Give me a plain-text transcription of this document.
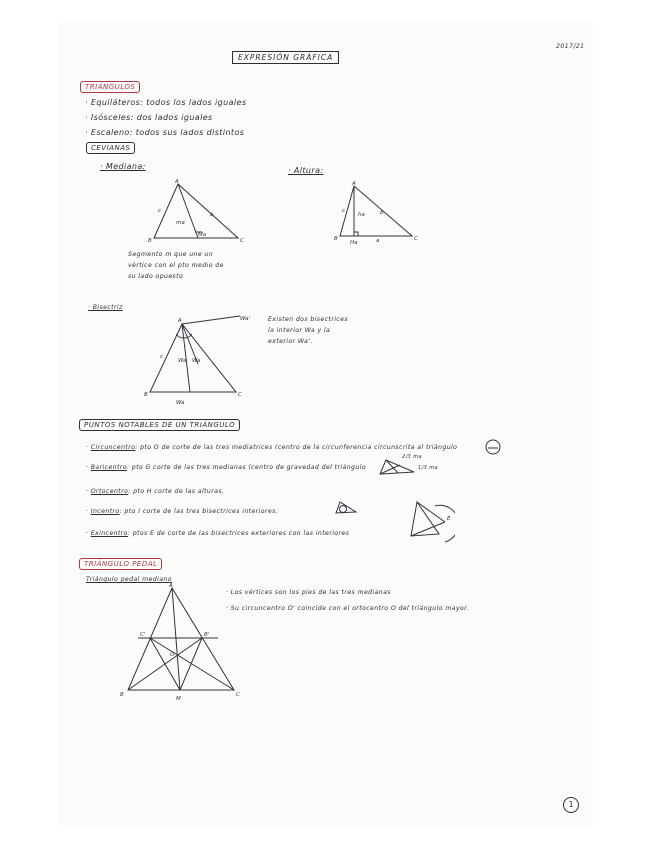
2017/21
EXPRESIÓN GRÁFICA
TRIÁNGULOS
· Equiláteros: todos los lados iguales
· Isósceles: dos lados iguales
· Escaleno: todos sus lados distintos
CEVIANAS
· Mediana:	· Altura:
A
B	C
c
b
ma
Ma
Segmento m que une un
vértice con el pto medio de
su lado opuesto
A
B	C
c	b
ha
Ha	a
· Bisectriz
A
B	C
c
Wa Wa
Wa'
Wa
Existen dos bisectrices
la interior Wa y la
exterior Wa'.
PUNTOS NOTABLES DE UN TRIÁNGULO
· Circuncentro: pto O de corte de las tres mediatrices (centro de la circunferencia circunscrita al triángulo
· Baricentro: pto G corte de las tres medianas (centro de gravedad del triángulo
2/3 ma
1/3 ma
· Ortocentro: pto H corte de las alturas.
· Incentro: pto I corte de las tres bisectrices interiores.
· Exincentro: ptos E de corte de las bisectrices exteriores con las interiores
E
TRIÁNGULO PEDAL
Triángulo pedal mediano
A
B	C
C'	B'
M
O
· Los vértices son los pies de las tres medianas
· Su circuncentro O' coincide con el ortocentro O del triángulo mayor.
1
